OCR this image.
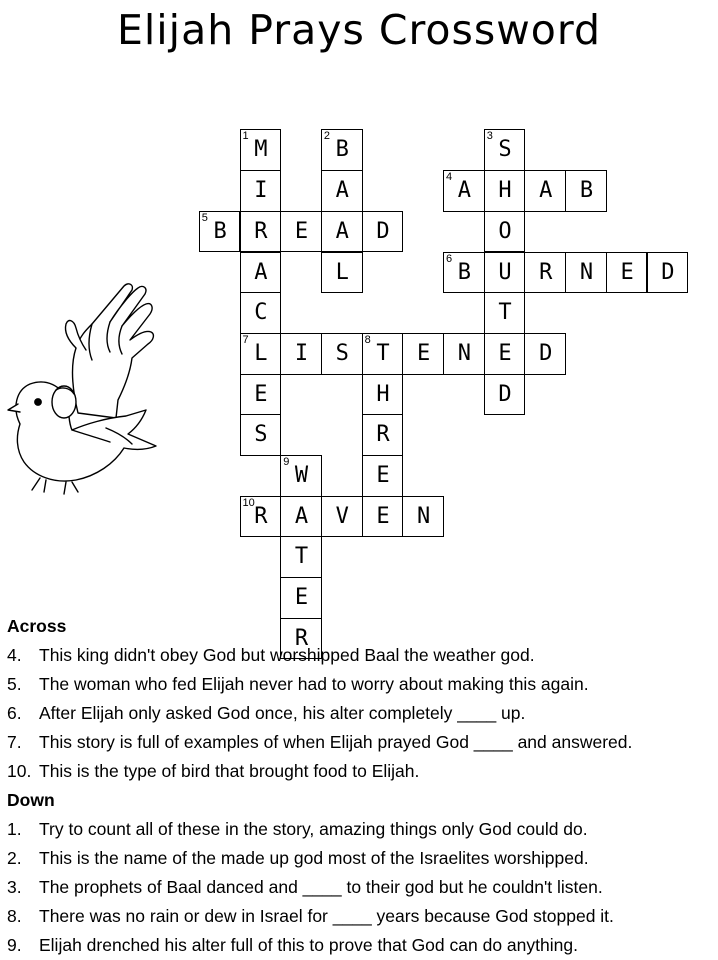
Elijah Prays Crossword
M
1
I
R
A
C
L
7
E
S
B
2
A
A
L
S
3
H
O
U
T
E
D
A
4
A	B
B
5
E	D
B
6
R	N	E	D
I	S	T
8
E	N	D
H
R
E
E
W
9
A
T
E
R
R
10
V	N
Across
4. This king didn't obey God but worshipped Baal the weather god.
5. The woman who fed Elijah never had to worry about making this again.
6. After Elijah only asked God once, his alter completely ____ up.
7. This story is full of examples of when Elijah prayed God ____ and answered.
10. This is the type of bird that brought food to Elijah.
Down
1. Try to count all of these in the story, amazing things only God could do.
2. This is the name of the made up god most of the Israelites worshipped.
3. The prophets of Baal danced and ____ to their god but he couldn't listen.
8. There was no rain or dew in Israel for ____ years because God stopped it.
9. Elijah drenched his alter full of this to prove that God can do anything.
